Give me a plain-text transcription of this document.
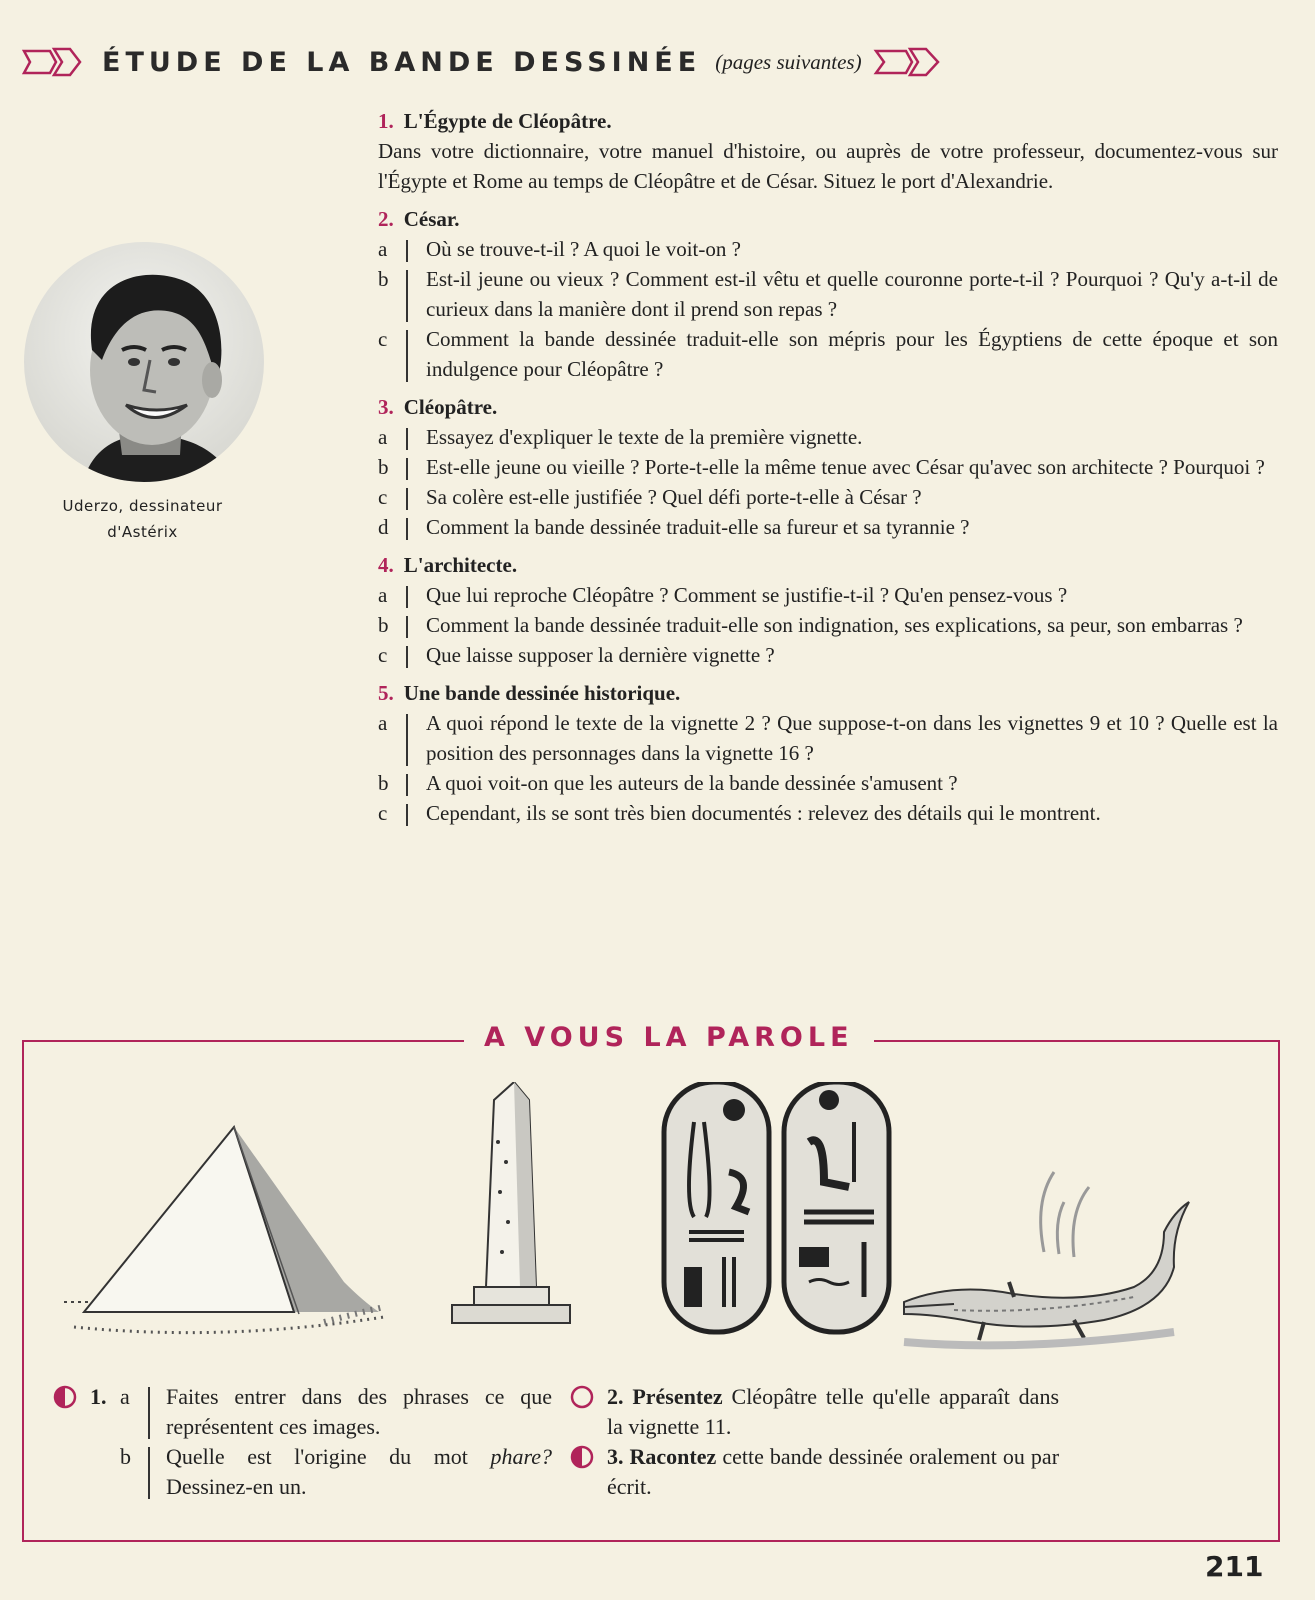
ÉTUDE DE LA BANDE DESSINÉE (pages suivantes)
Uderzo, dessinateur
d'Astérix
1. L'Égypte de Cléopâtre.
Dans votre dictionnaire, votre manuel d'histoire, ou auprès de votre professeur, documentez-vous sur l'Égypte et Rome au temps de Cléopâtre et de César. Situez le port d'Alexandrie.
2. César.
a	Où se trouve-t-il ? A quoi le voit-on ?
b	Est-il jeune ou vieux ? Comment est-il vêtu et quelle couronne porte-t-il ? Pourquoi ? Qu'y a-t-il de curieux dans la manière dont il prend son repas ?
c	Comment la bande dessinée traduit-elle son mépris pour les Égyptiens de cette époque et son indulgence pour Cléopâtre ?
3. Cléopâtre.
a	Essayez d'expliquer le texte de la première vignette.
b	Est-elle jeune ou vieille ? Porte-t-elle la même tenue avec César qu'avec son architecte ? Pourquoi ?
c	Sa colère est-elle justifiée ? Quel défi porte-t-elle à César ?
d	Comment la bande dessinée traduit-elle sa fureur et sa tyrannie ?
4. L'architecte.
a	Que lui reproche Cléopâtre ? Comment se justifie-t-il ? Qu'en pensez-vous ?
b	Comment la bande dessinée traduit-elle son indignation, ses explications, sa peur, son embarras ?
c	Que laisse supposer la dernière vignette ?
5. Une bande dessinée historique.
a	A quoi répond le texte de la vignette 2 ? Que suppose-t-on dans les vignettes 9 et 10 ? Quelle est la position des personnages dans la vignette 16 ?
b	A quoi voit-on que les auteurs de la bande dessinée s'amusent ?
c	Cependant, ils se sont très bien documentés : relevez des détails qui le montrent.
A VOUS LA PAROLE
1. a	Faites entrer dans des phrases ce que représentent ces images.
b	Quelle est l'origine du mot phare? Dessinez-en un.
2. Présentez Cléopâtre telle qu'elle apparaît dans la vignette 11.
3. Racontez cette bande dessinée oralement ou par écrit.
211
